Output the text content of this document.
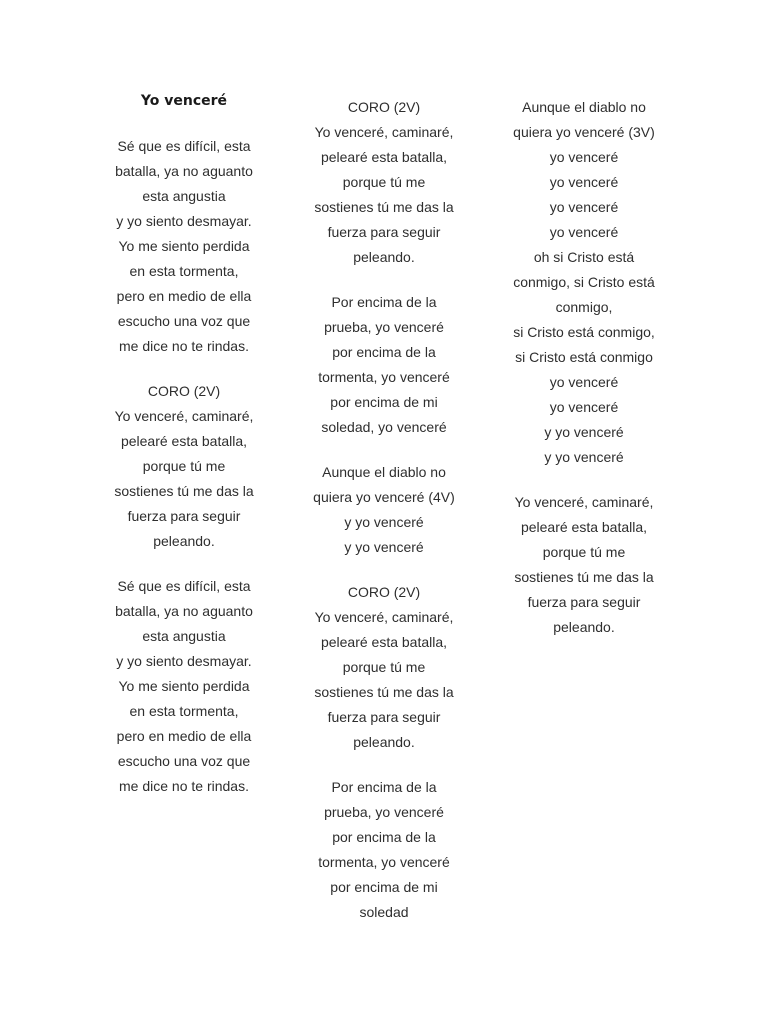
Yo venceré
Sé que es difícil, esta
batalla, ya no aguanto
esta angustia
y yo siento desmayar.
Yo me siento perdida
en esta tormenta,
pero en medio de ella
escucho una voz que
me dice no te rindas.
CORO (2V)
Yo venceré, caminaré,
pelearé esta batalla,
porque tú me
sostienes tú me das la
fuerza para seguir
peleando.
Sé que es difícil, esta
batalla, ya no aguanto
esta angustia
y yo siento desmayar.
Yo me siento perdida
en esta tormenta,
pero en medio de ella
escucho una voz que
me dice no te rindas.
CORO (2V)
Yo venceré, caminaré,
pelearé esta batalla,
porque tú me
sostienes tú me das la
fuerza para seguir
peleando.
Por encima de la
prueba, yo venceré
por encima de la
tormenta, yo venceré
por encima de mi
soledad, yo venceré
Aunque el diablo no
quiera yo venceré (4V)
y yo venceré
y yo venceré
CORO (2V)
Yo venceré, caminaré,
pelearé esta batalla,
porque tú me
sostienes tú me das la
fuerza para seguir
peleando.
Por encima de la
prueba, yo venceré
por encima de la
tormenta, yo venceré
por encima de mi
soledad
Aunque el diablo no
quiera yo venceré (3V)
yo venceré
yo venceré
yo venceré
yo venceré
oh si Cristo está
conmigo, si Cristo está
conmigo,
si Cristo está conmigo,
si Cristo está conmigo
yo venceré
yo venceré
y yo venceré
y yo venceré
Yo venceré, caminaré,
pelearé esta batalla,
porque tú me
sostienes tú me das la
fuerza para seguir
peleando.
